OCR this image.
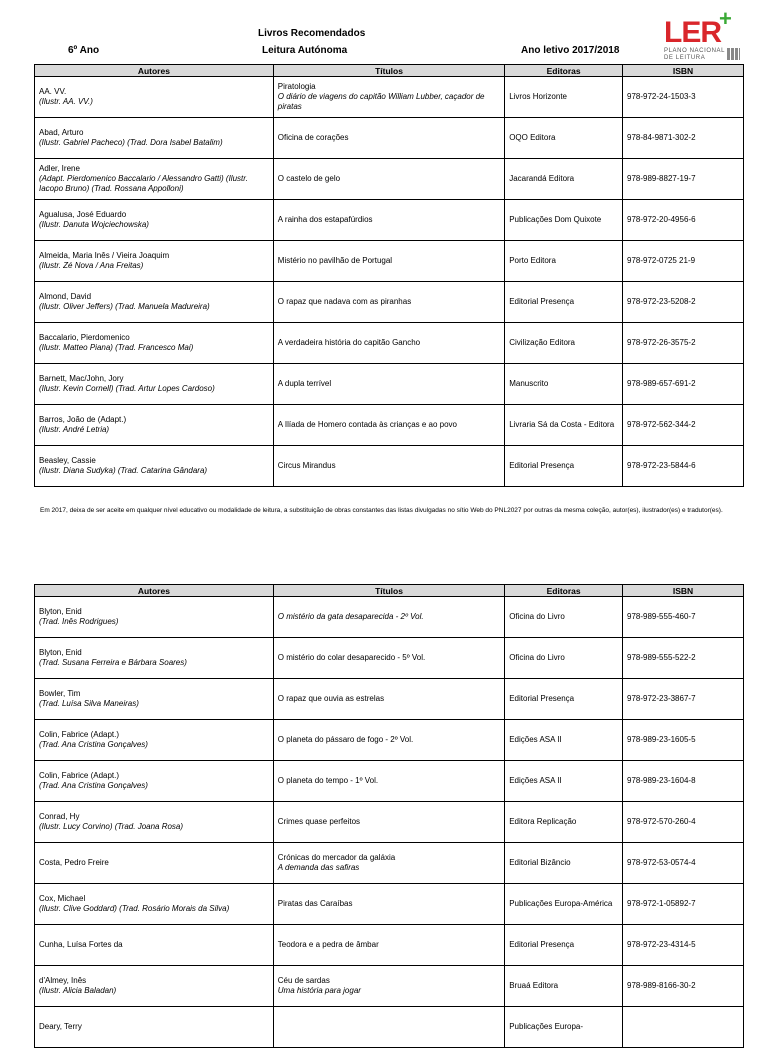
Livros Recomendados
Leitura Autónoma
6º Ano	Ano letivo 2017/2018
LER
+
PLANO NACIONAL
DE LEITURA
Autores	Títulos	Editoras	ISBN

AA. VV.
(Ilustr. AA. VV.)	Piratologia
O diário de viagens do capitão William Lubber, caçador de piratas	Livros Horizonte	978-972-24-1503-3

Abad, Arturo
(Ilustr. Gabriel Pacheco) (Trad. Dora Isabel Batalim)	Oficina de corações	OQO Editora	978-84-9871-302-2

Adler, Irene
(Adapt. Pierdomenico Baccalario / Alessandro Gatti) (Ilustr. Iacopo Bruno) (Trad. Rossana Appolloni)	O castelo de gelo	Jacarandá Editora	978-989-8827-19-7

Agualusa, José Eduardo
(Ilustr. Danuta Wojciechowska)	A rainha dos estapafúrdios	Publicações Dom Quixote	978-972-20-4956-6

Almeida, Maria Inês / Vieira Joaquim
(Ilustr. Zé Nova / Ana Freitas)	Mistério no pavilhão de Portugal	Porto Editora	978-972-0725 21-9

Almond, David
(Ilustr. Oliver Jeffers) (Trad. Manuela Madureira)	O rapaz que nadava com as piranhas	Editorial Presença	978-972-23-5208-2

Baccalario, Pierdomenico
(Ilustr. Matteo Piana) (Trad. Francesco Mai)	A verdadeira história do capitão Gancho	Civilização Editora	978-972-26-3575-2

Barnett, Mac/John, Jory
(Ilustr. Kevin Cornell) (Trad. Artur Lopes Cardoso)	A dupla terrível	Manuscrito	978-989-657-691-2

Barros, João de (Adapt.)
(Ilustr. André Letria)	A Ilíada de Homero contada às crianças e ao povo	Livraria Sá da Costa - Editora	978-972-562-344-2

Beasley, Cassie
(Ilustr. Diana Sudyka) (Trad. Catarina Gândara)	Circus Mirandus	Editorial Presença	978-972-23-5844-6
Em 2017, deixa de ser aceite em qualquer nível educativo ou modalidade de leitura, a substituição de obras constantes das listas divulgadas no sítio Web do PNL2027 por outras da mesma coleção, autor(es), ilustrador(es) e tradutor(es).
Autores	Títulos	Editoras	ISBN

Blyton, Enid
(Trad. Inês Rodrigues)	O mistério da gata desaparecida - 2º Vol.	Oficina do Livro	978-989-555-460-7

Blyton, Enid
(Trad. Susana Ferreira e Bárbara Soares)	O mistério do colar desaparecido - 5º Vol.	Oficina do Livro	978-989-555-522-2

Bowler, Tim
(Trad. Luísa Silva Maneiras)	O rapaz que ouvia as estrelas	Editorial Presença	978-972-23-3867-7

Colin, Fabrice (Adapt.)
(Trad. Ana Cristina Gonçalves)	O planeta do pássaro de fogo - 2º Vol.	Edições ASA II	978-989-23-1605-5

Colin, Fabrice (Adapt.)
(Trad. Ana Cristina Gonçalves)	O planeta do tempo - 1º Vol.	Edições ASA II	978-989-23-1604-8

Conrad, Hy
(Ilustr. Lucy Corvino) (Trad. Joana Rosa)	Crimes quase perfeitos	Editora Replicação	978-972-570-260-4

Costa, Pedro Freire	Crónicas do mercador da galáxia
A demanda das safiras	Editorial Bizâncio	978-972-53-0574-4

Cox, Michael
(Ilustr. Clive Goddard) (Trad. Rosário Morais da Silva)	Piratas das Caraíbas	Publicações Europa-América	978-972-1-05892-7

Cunha, Luísa Fortes da	Teodora e a pedra de âmbar	Editorial Presença	978-972-23-4314-5

d'Almey, Inês
(Ilustr. Alicia Baladan)	Céu de sardas
Uma história para jogar	Bruaá Editora	978-989-8166-30-2

Deary, Terry		Publicações Europa-	
